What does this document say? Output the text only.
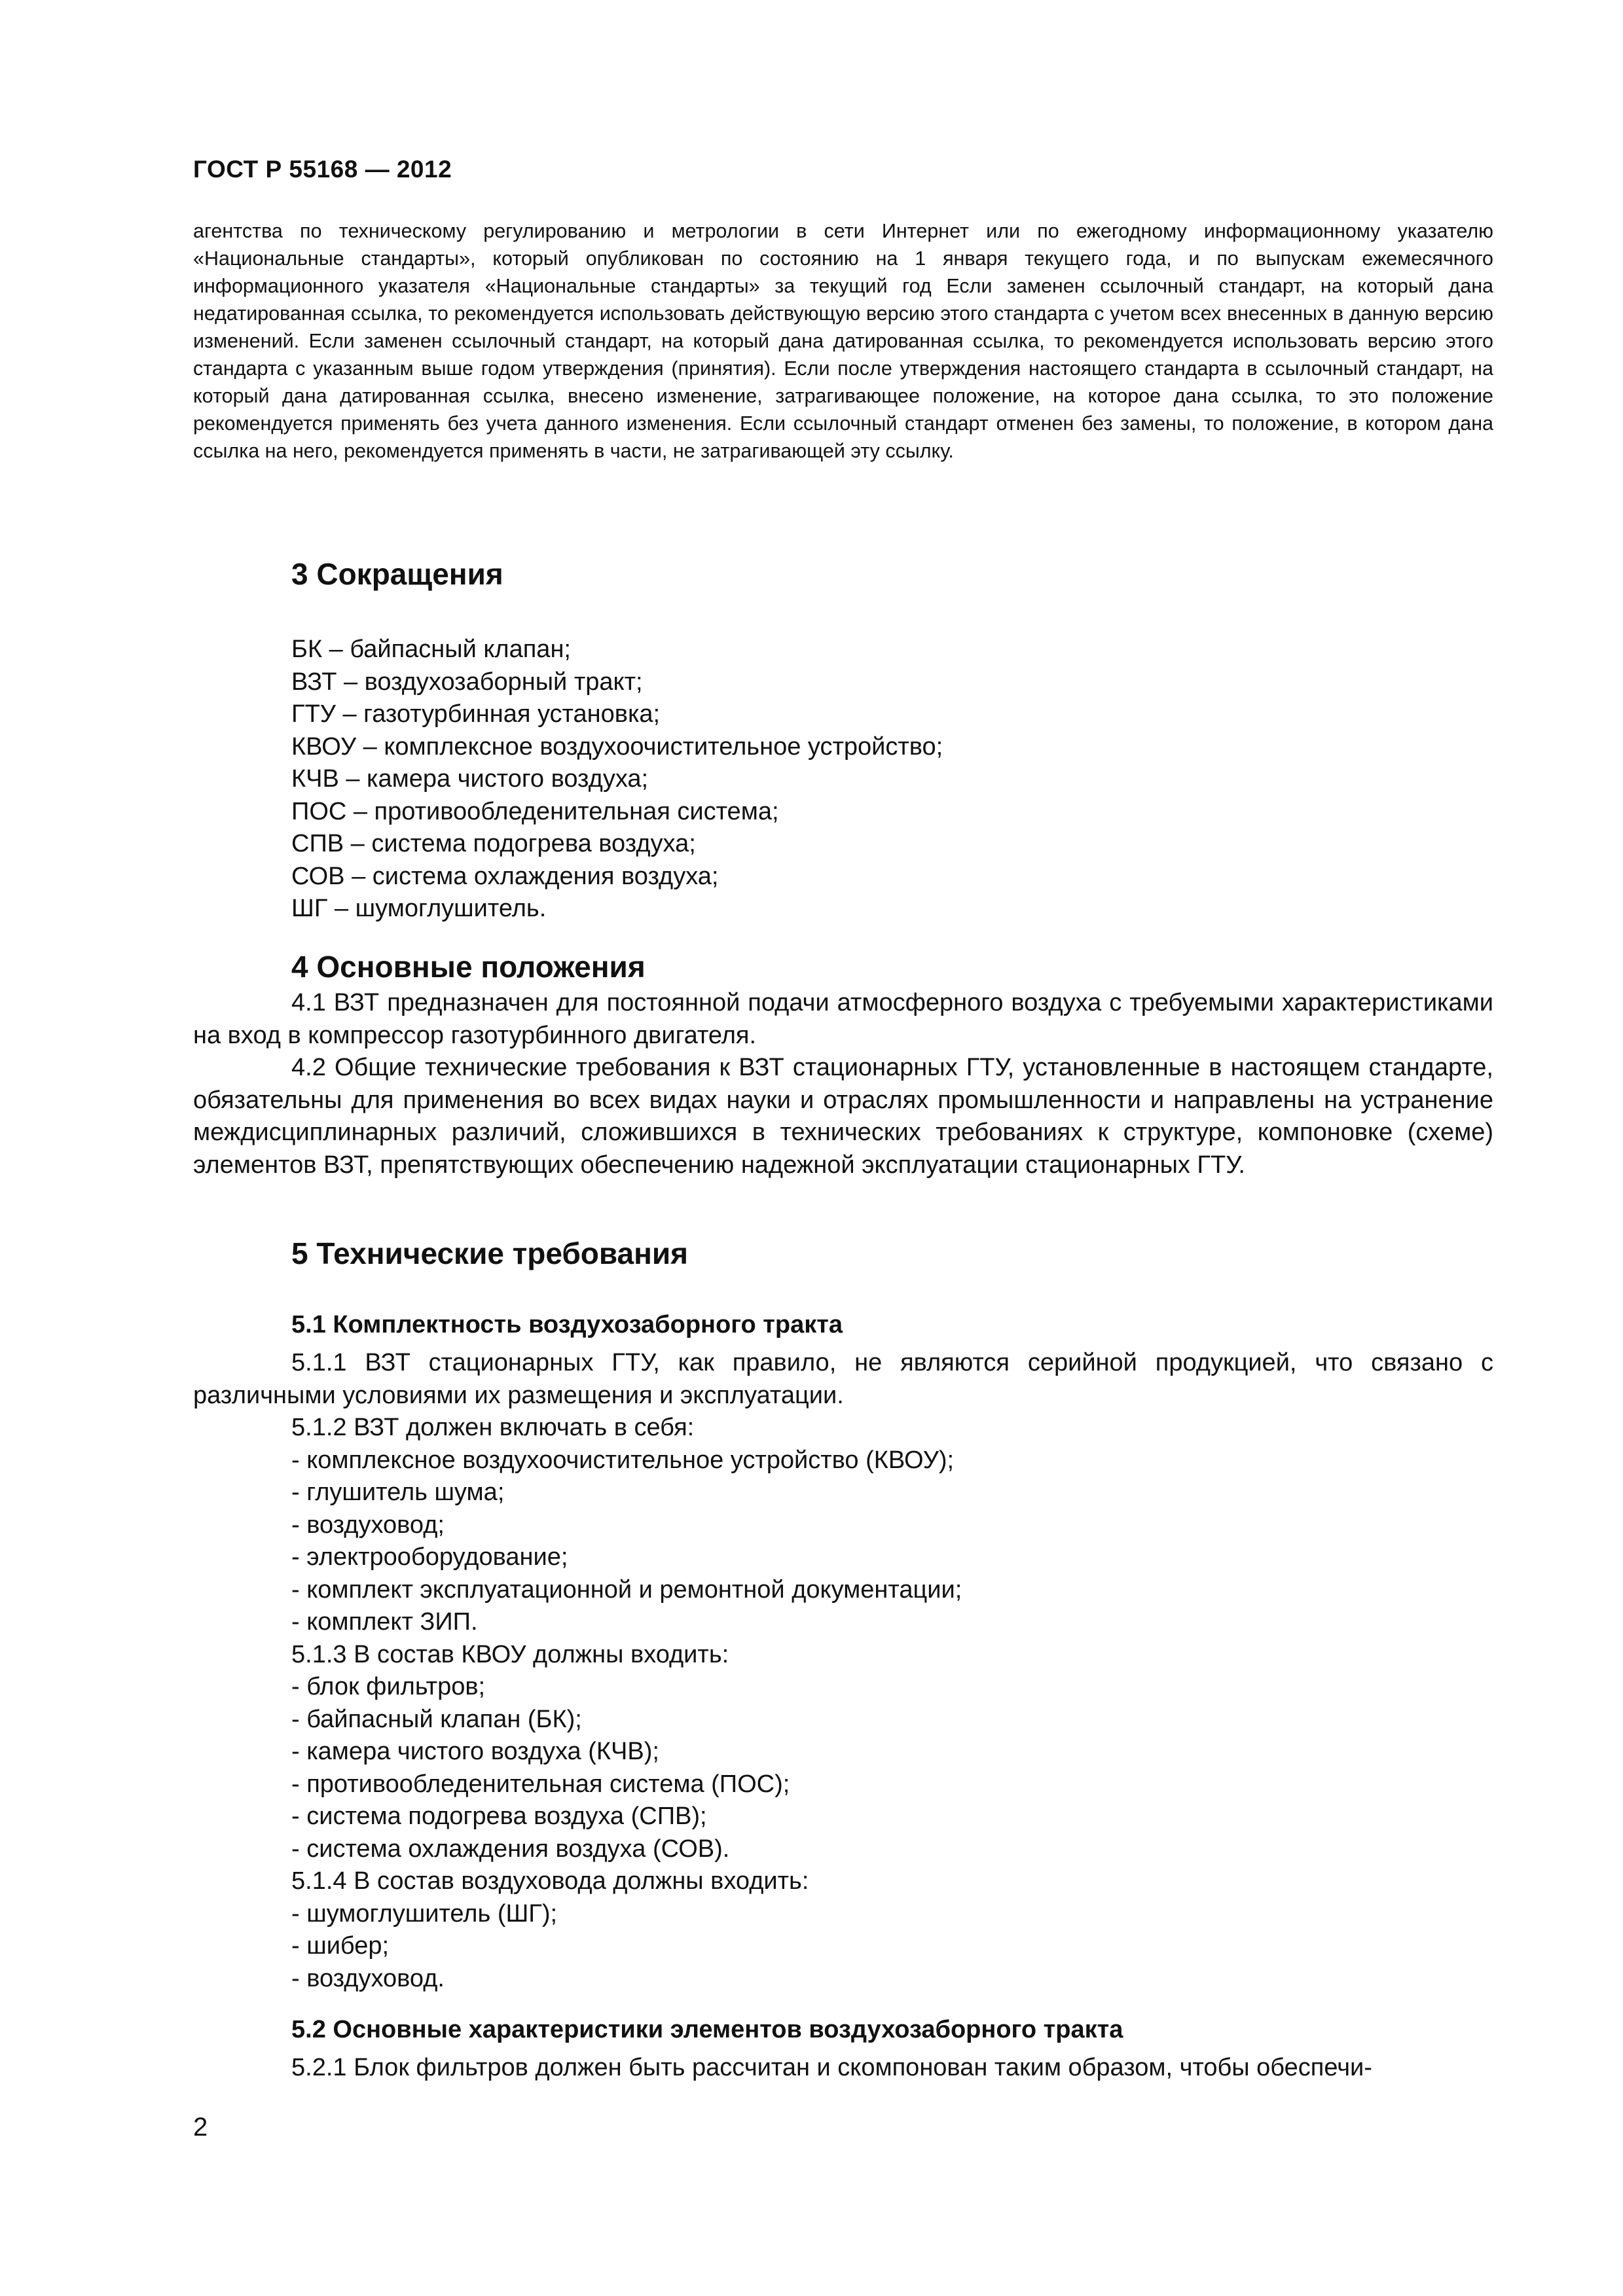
ГОСТ Р 55168 — 2012

агентства по техническому регулированию и метрологии в сети Интернет или по ежегодному информационному указателю «Национальные стандарты», который опубликован по состоянию на 1 января текущего года, и по выпускам ежемесячного информационного указателя «Национальные стандарты» за текущий год Если заменен ссылочный стандарт, на который дана недатированная ссылка, то рекомендуется использовать действующую версию этого стандарта с учетом всех внесенных в данную версию изменений. Если заменен ссылочный стандарт, на который дана датированная ссылка, то рекомендуется использовать версию этого стандарта с указанным выше годом утверждения (принятия). Если после утверждения настоящего стандарта в ссылочный стандарт, на который дана датированная ссылка, внесено изменение, затрагивающее положение, на которое дана ссылка, то это положение рекомендуется применять без учета данного изменения. Если ссылочный стандарт отменен без замены, то положение, в котором дана ссылка на него, рекомендуется применять в части, не затрагивающей эту ссылку.

3 Сокращения
БК – байпасный клапан;
ВЗТ – воздухозаборный тракт;
ГТУ – газотурбинная установка;
КВОУ – комплексное воздухоочистительное устройство;
КЧВ – камера чистого воздуха;
ПОС – противообледенительная система;
СПВ – система подогрева воздуха;
СОВ – система охлаждения воздуха;
ШГ – шумоглушитель.
4 Основные положения

4.1 ВЗТ предназначен для постоянной подачи атмосферного воздуха с требуемыми характеристиками на вход в компрессор газотурбинного двигателя.

4.2 Общие технические требования к ВЗТ стационарных ГТУ, установленные в настоящем стандарте, обязательны для применения во всех видах науки и отраслях промышленности и направлены на устранение междисциплинарных различий, сложившихся в технических требованиях к структуре, компоновке (схеме) элементов ВЗТ, препятствующих обеспечению надежной эксплуатации стационарных ГТУ.

5 Технические требования
5.1 Комплектность воздухозаборного тракта

5.1.1 ВЗТ стационарных ГТУ, как правило, не являются серийной продукцией, что связано с различными условиями их размещения и эксплуатации.

5.1.2 ВЗТ должен включать в себя:

- комплексное воздухоочистительное устройство (КВОУ);

- глушитель шума;

- воздуховод;

- электрооборудование;

- комплект эксплуатационной и ремонтной документации;

- комплект ЗИП.

5.1.3 В состав КВОУ должны входить:

- блок фильтров;

- байпасный клапан (БК);

- камера чистого воздуха (КЧВ);

- противообледенительная система (ПОС);

- система подогрева воздуха (СПВ);

- система охлаждения воздуха (СОВ).

5.1.4 В состав воздуховода должны входить:

- шумоглушитель (ШГ);

- шибер;

- воздуховод.

5.2 Основные характеристики элементов воздухозаборного тракта

5.2.1 Блок фильтров должен быть рассчитан и скомпонован таким образом, чтобы обеспечи-

2
